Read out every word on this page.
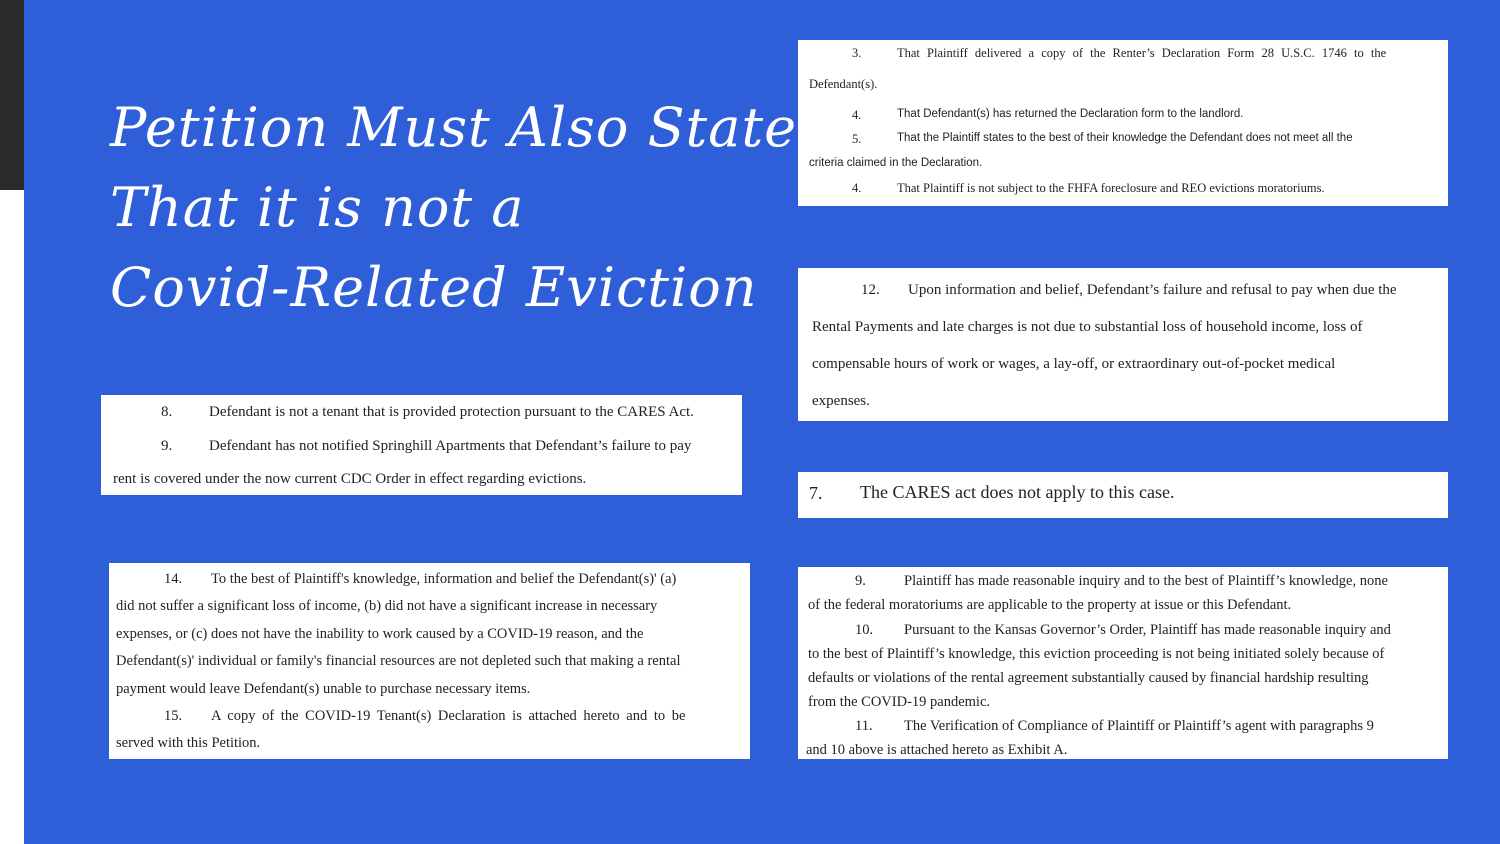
Petition Must Also State
That it is not a
Covid-Related Eviction
3.	That Plaintiff delivered a copy of the Renter’s Declaration Form 28 U.S.C. 1746 to the
Defendant(s).
4.	That Defendant(s) has returned the Declaration form to the landlord.
5.	That the Plaintiff states to the best of their knowledge the Defendant does not meet all the
criteria claimed in the Declaration.
4.	That Plaintiff is not subject to the FHFA foreclosure and REO evictions moratoriums.
12. Upon information and belief, Defendant’s failure and refusal to pay when due the
Rental Payments and late charges is not due to substantial loss of household income, loss of
compensable hours of work or wages, a lay-off, or extraordinary out-of-pocket medical
expenses.
8. Defendant is not a tenant that is provided protection pursuant to the CARES Act.
9. Defendant has not notified Springhill Apartments that Defendant’s failure to pay
rent is covered under the now current CDC Order in effect regarding evictions.
7. The CARES act does not apply to this case.
14. To the best of Plaintiff's knowledge, information and belief the Defendant(s)' (a)
did not suffer a significant loss of income, (b) did not have a significant increase in necessary
expenses, or (c) does not have the inability to work caused by a COVID-19 reason, and the
Defendant(s)' individual or family's financial resources are not depleted such that making a rental
payment would leave Defendant(s) unable to purchase necessary items.
15. A copy of the COVID-19 Tenant(s) Declaration is attached hereto and to be
served with this Petition.
9.	Plaintiff has made reasonable inquiry and to the best of Plaintiff’s knowledge, none
of the federal moratoriums are applicable to the property at issue or this Defendant.
10. Pursuant to the Kansas Governor’s Order, Plaintiff has made reasonable inquiry and
to the best of Plaintiff’s knowledge, this eviction proceeding is not being initiated solely because of
defaults or violations of the rental agreement substantially caused by financial hardship resulting
from the COVID-19 pandemic.
11. The Verification of Compliance of Plaintiff or Plaintiff’s agent with paragraphs 9
and 10 above is attached hereto as Exhibit A.
